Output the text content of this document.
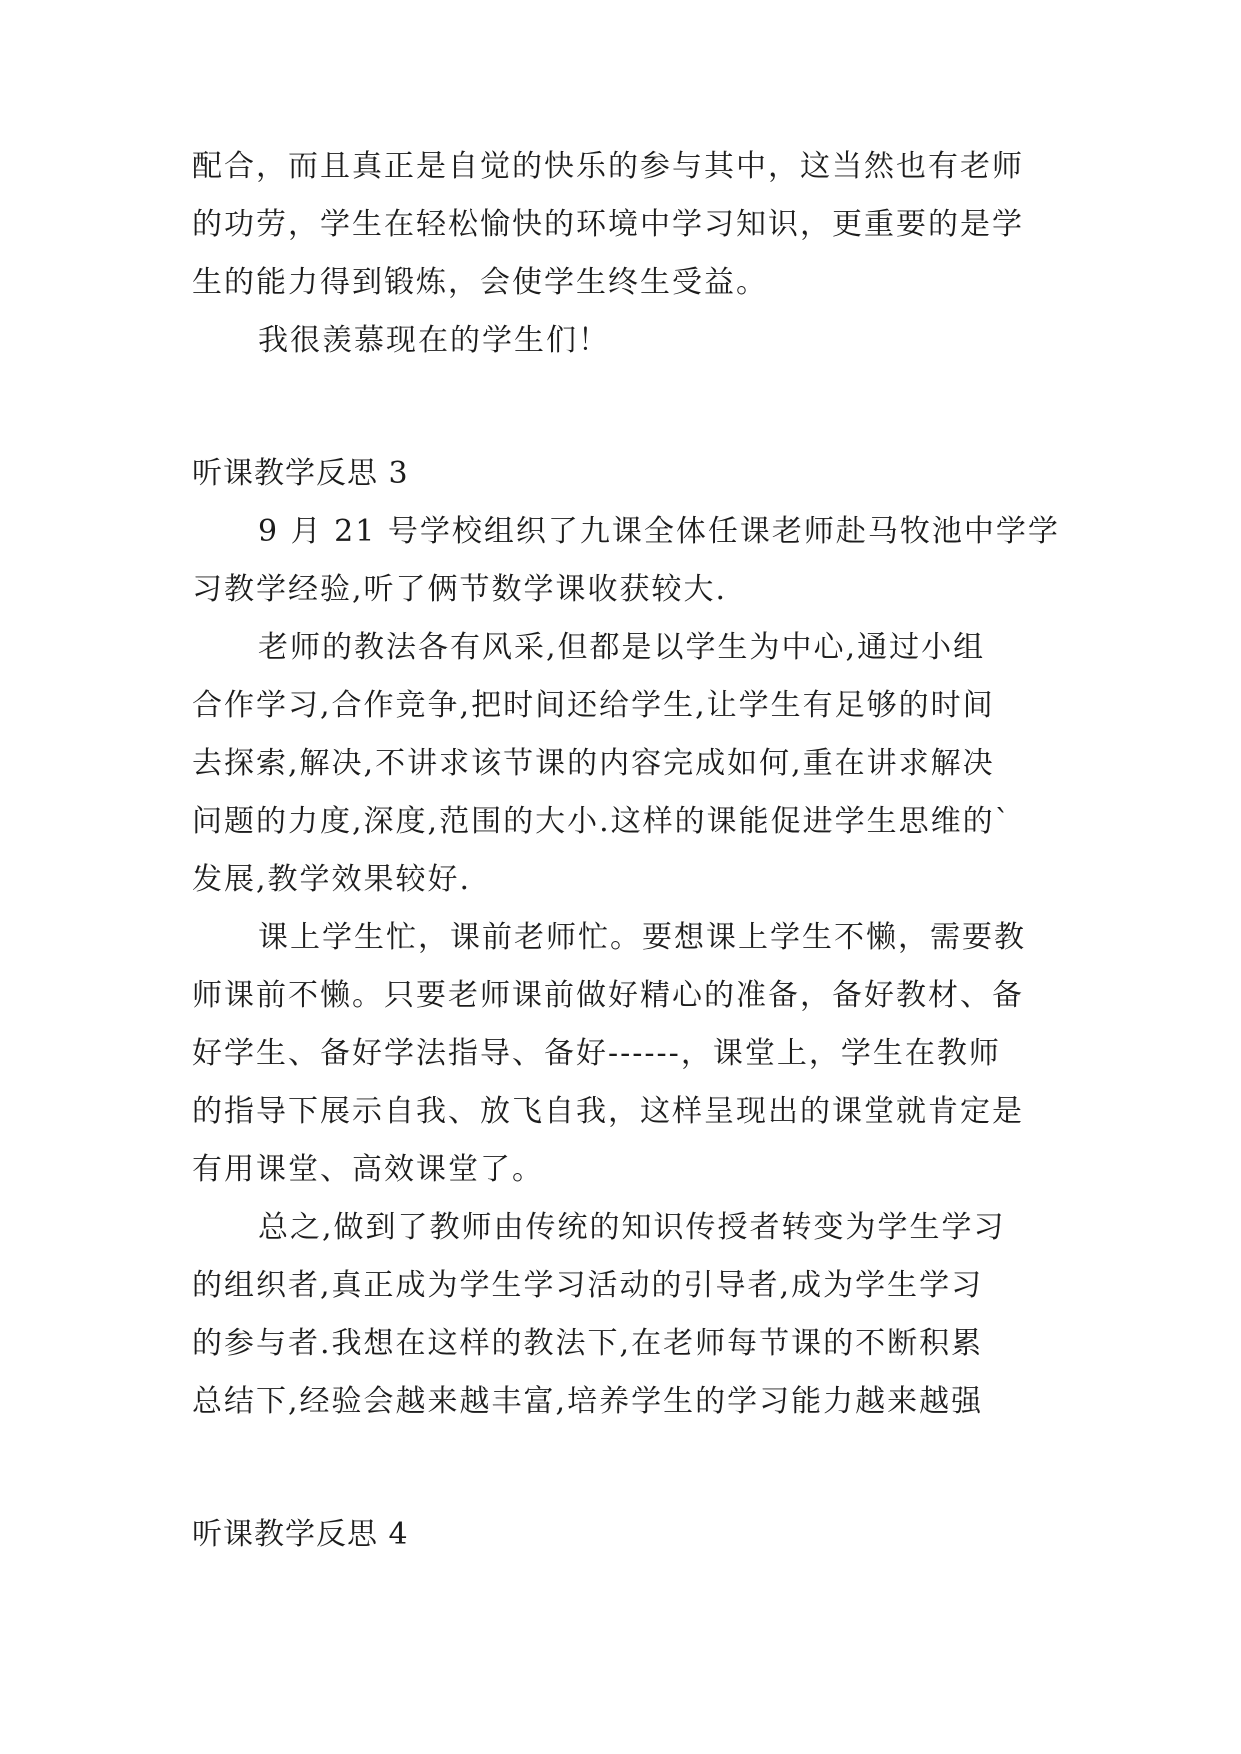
配合，而且真正是自觉的快乐的参与其中，这当然也有老师
的功劳，学生在轻松愉快的环境中学习知识，更重要的是学
生的能力得到锻炼，会使学生终生受益。
我很羡慕现在的学生们！
听课教学反思 3
9 月 21 号学校组织了九课全体任课老师赴马牧池中学学
习教学经验,听了俩节数学课收获较大.
老师的教法各有风采,但都是以学生为中心,通过小组
合作学习,合作竞争,把时间还给学生,让学生有足够的时间
去探索,解决,不讲求该节课的内容完成如何,重在讲求解决
问题的力度,深度,范围的大小.这样的课能促进学生思维的`
发展,教学效果较好.
课上学生忙，课前老师忙。要想课上学生不懒，需要教
师课前不懒。只要老师课前做好精心的准备，备好教材、备
好学生、备好学法指导、备好------，课堂上，学生在教师
的指导下展示自我、放飞自我，这样呈现出的课堂就肯定是
有用课堂、高效课堂了。
总之,做到了教师由传统的知识传授者转变为学生学习
的组织者,真正成为学生学习活动的引导者,成为学生学习
的参与者.我想在这样的教法下,在老师每节课的不断积累
总结下,经验会越来越丰富,培养学生的学习能力越来越强
听课教学反思 4
